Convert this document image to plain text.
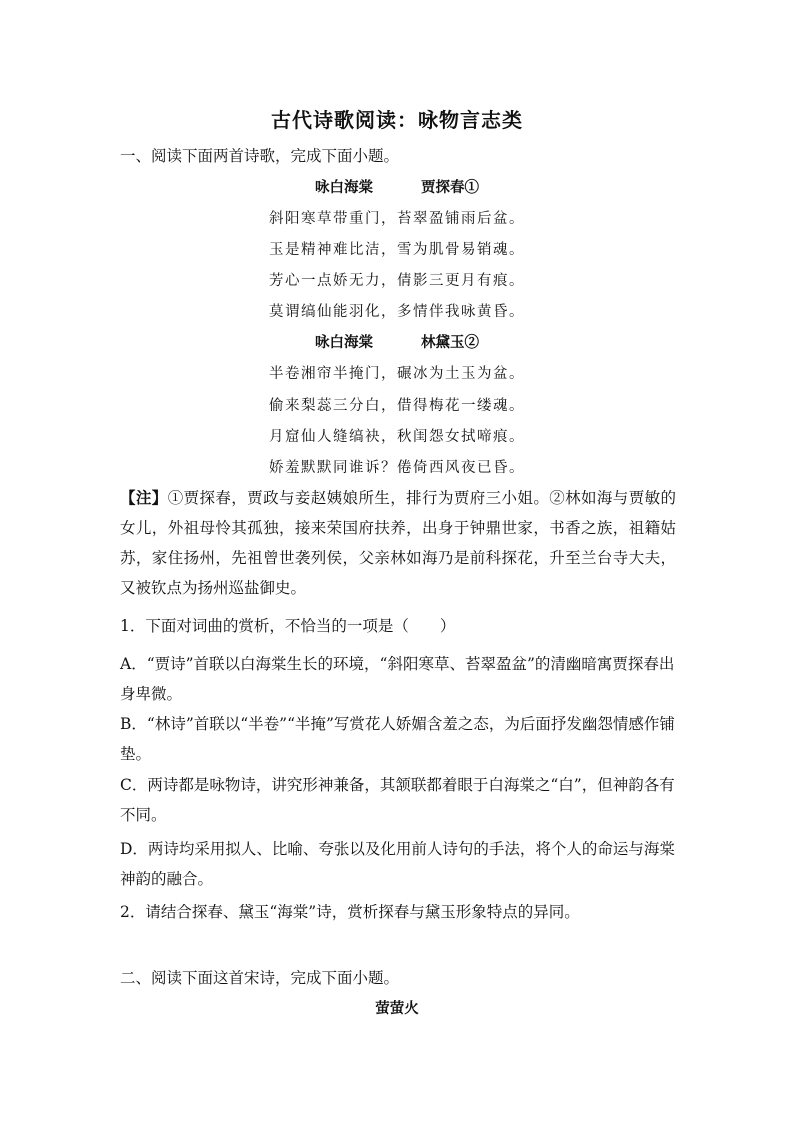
古代诗歌阅读：咏物言志类
一、阅读下面两首诗歌，完成下面小题。
咏白海棠	贾探春①
斜阳寒草带重门，苔翠盈铺雨后盆。
玉是精神难比洁，雪为肌骨易销魂。
芳心一点娇无力，倩影三更月有痕。
莫谓缟仙能羽化，多情伴我咏黄昏。
咏白海棠	林黛玉②
半卷湘帘半掩门，碾冰为土玉为盆。
偷来梨蕊三分白，借得梅花一缕魂。
月窟仙人缝缟袂，秋闺怨女拭啼痕。
娇羞默默同谁诉？倦倚西风夜已昏。
【注】①贾探春，贾政与妾赵姨娘所生，排行为贾府三小姐。②林如海与贾敏的女儿，外祖母怜其孤独，接来荣国府扶养，出身于钟鼎世家，书香之族，祖籍姑苏，家住扬州，先祖曾世袭列侯，父亲林如海乃是前科探花，升至兰台寺大夫，又被钦点为扬州巡盐御史。
1．下面对词曲的赏析，不恰当的一项是（　　）
A．“贾诗”首联以白海棠生长的环境，“斜阳寒草、苔翠盈盆”的清幽暗寓贾探春出身卑微。
B．“林诗”首联以“半卷”“半掩”写赏花人娇媚含羞之态，为后面抒发幽怨情感作铺垫。
C．两诗都是咏物诗，讲究形神兼备，其颔联都着眼于白海棠之“白”，但神韵各有不同。
D．两诗均采用拟人、比喻、夸张以及化用前人诗句的手法，将个人的命运与海棠神韵的融合。
2．请结合探春、黛玉“海棠”诗，赏析探春与黛玉形象特点的异同。
二、阅读下面这首宋诗，完成下面小题。
萤萤火
